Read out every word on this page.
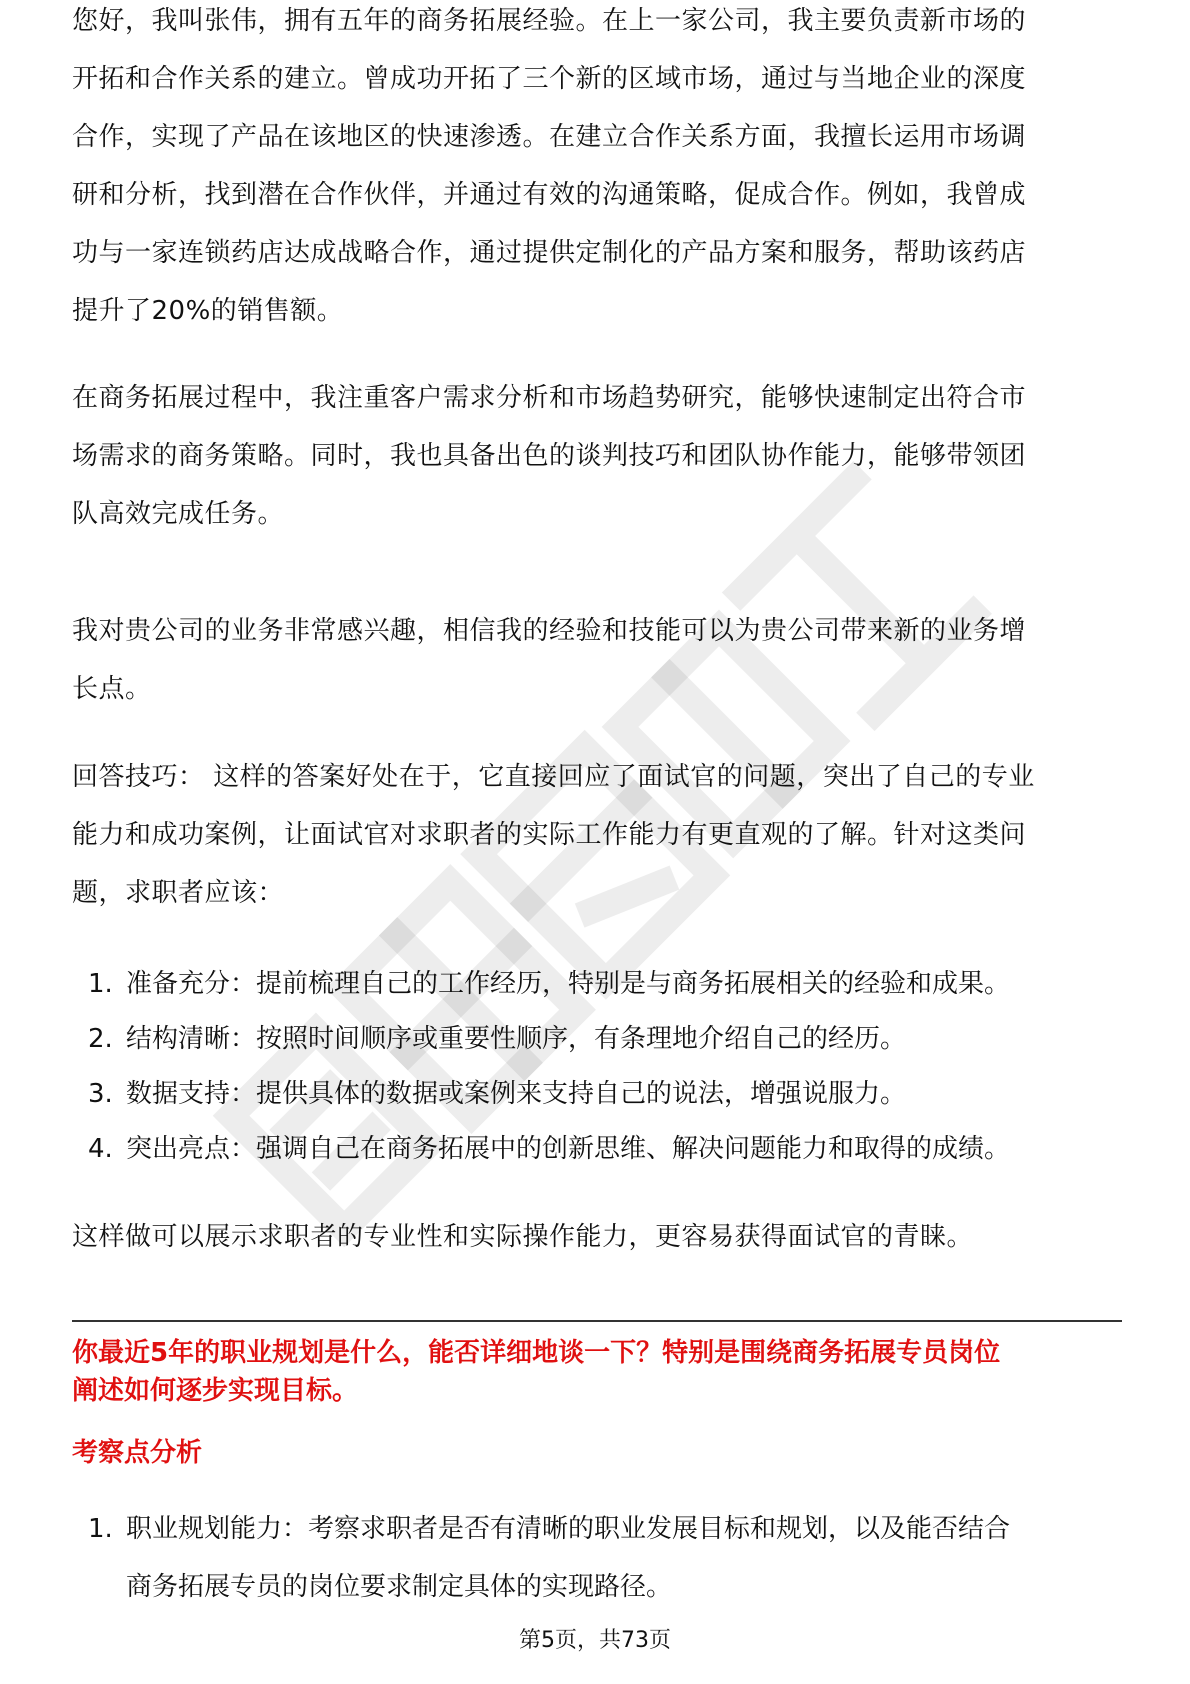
您好，我叫张伟，拥有五年的商务拓展经验。在上一家公司，我主要负责新市场的

开拓和合作关系的建立。曾成功开拓了三个新的区域市场，通过与当地企业的深度

合作，实现了产品在该地区的快速渗透。在建立合作关系方面，我擅长运用市场调

研和分析，找到潜在合作伙伴，并通过有效的沟通策略，促成合作。例如，我曾成

功与一家连锁药店达成战略合作，通过提供定制化的产品方案和服务，帮助该药店

提升了20%的销售额。

在商务拓展过程中，我注重客户需求分析和市场趋势研究，能够快速制定出符合市

场需求的商务策略。同时，我也具备出色的谈判技巧和团队协作能力，能够带领团

队高效完成任务。

我对贵公司的业务非常感兴趣，相信我的经验和技能可以为贵公司带来新的业务增

长点。

回答技巧： 这样的答案好处在于，它直接回应了面试官的问题，突出了自己的专业

能力和成功案例，让面试官对求职者的实际工作能力有更直观的了解。针对这类问

题，求职者应该：

1. 准备充分：提前梳理自己的工作经历，特别是与商务拓展相关的经验和成果。
2. 结构清晰：按照时间顺序或重要性顺序，有条理地介绍自己的经历。
3. 数据支持：提供具体的数据或案例来支持自己的说法，增强说服力。
4. 突出亮点：强调自己在商务拓展中的创新思维、解决问题能力和取得的成绩。

这样做可以展示求职者的专业性和实际操作能力，更容易获得面试官的青睐。

你最近5年的职业规划是什么，能否详细地谈一下？特别是围绕商务拓展专员岗位
阐述如何逐步实现目标。
考察点分析
1. 职业规划能力：考察求职者是否有清晰的职业发展目标和规划，以及能否结合
商务拓展专员的岗位要求制定具体的实现路径。
第5页，共73页
